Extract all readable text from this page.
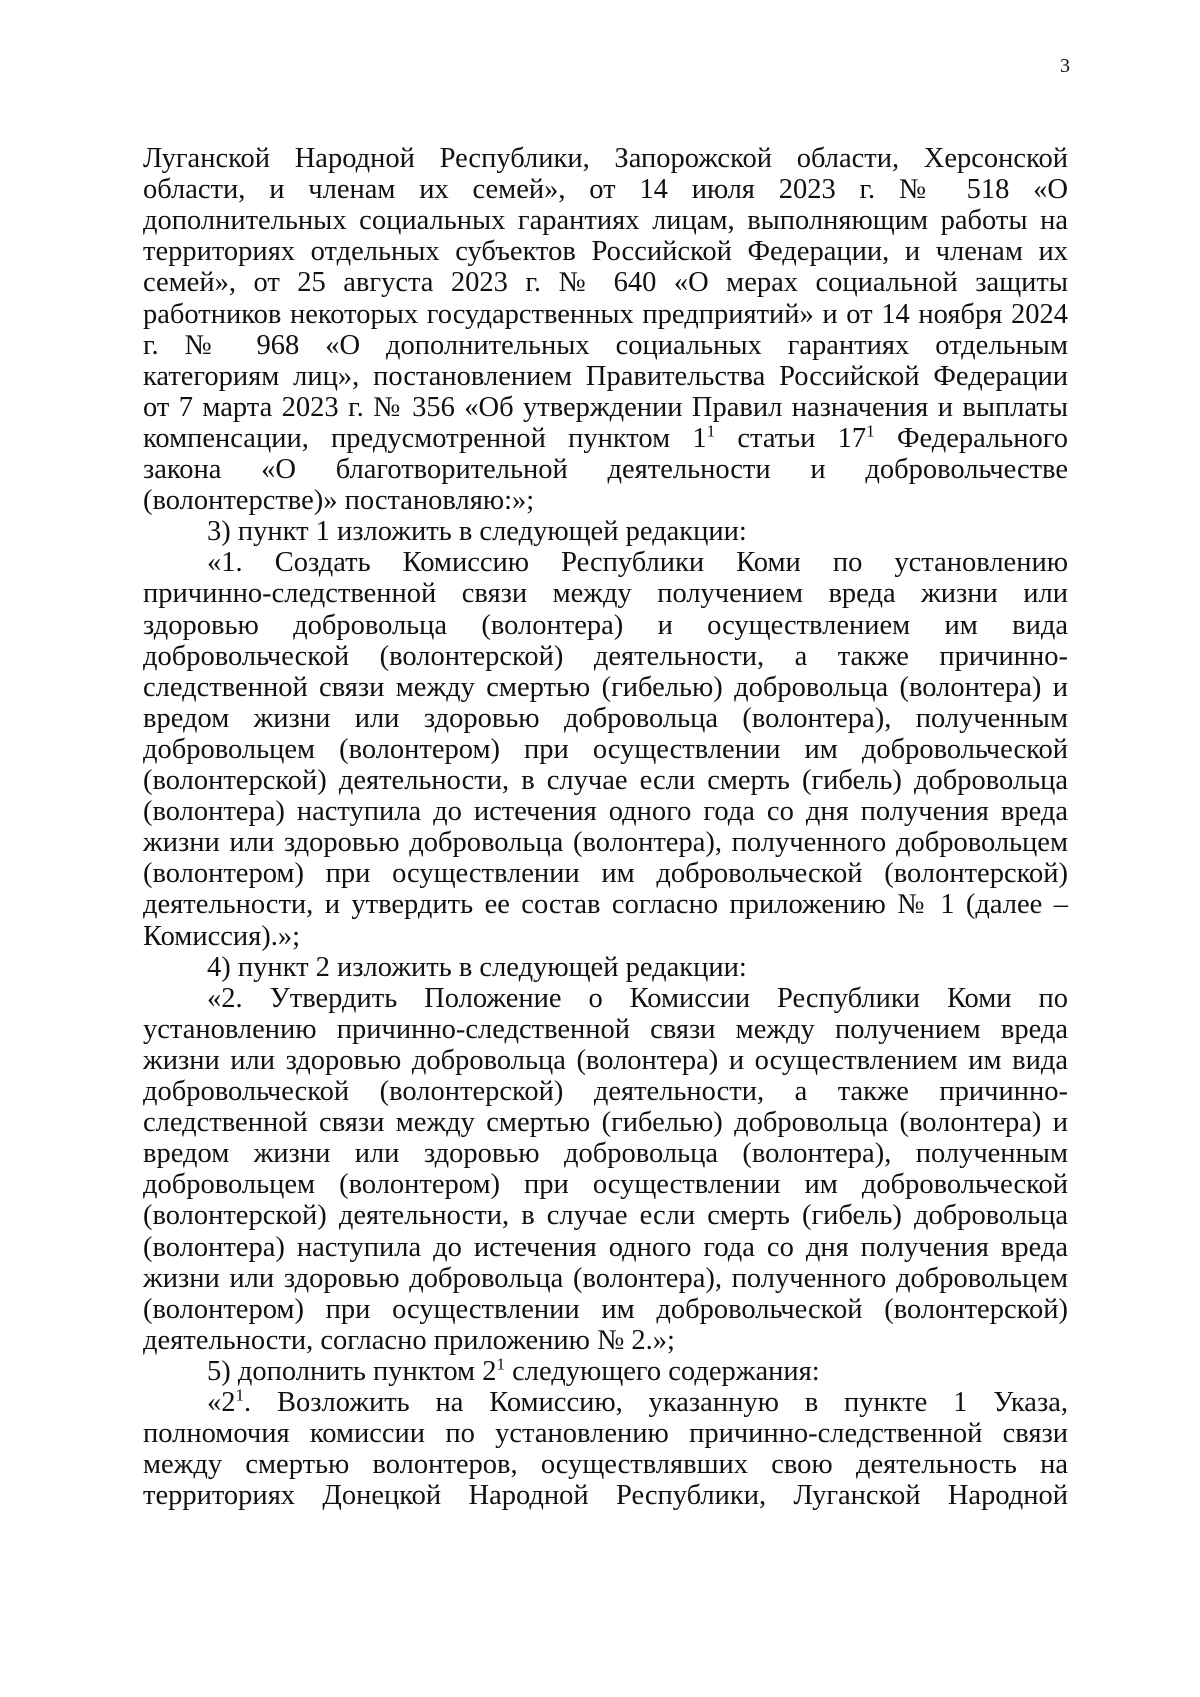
3
Луганской Народной Республики, Запорожской области, Херсонской
области, и членам их семей», от 14 июля 2023 г. № 518 «О
дополнительных социальных гарантиях лицам, выполняющим работы на
территориях отдельных субъектов Российской Федерации, и членам их
семей», от 25 августа 2023 г. № 640 «О мерах социальной защиты
работников некоторых государственных предприятий» и от 14 ноября 2024
г. № 968 «О дополнительных социальных гарантиях отдельным
категориям лиц», постановлением Правительства Российской Федерации
от 7 марта 2023 г. № 356 «Об утверждении Правил назначения и выплаты
компенсации, предусмотренной пунктом $1^1$ статьи $17^1$ Федерального
закона «О благотворительной деятельности и добровольчестве
(волонтерстве)» постановляю:»;
3) пункт 1 изложить в следующей редакции:
«1. Создать Комиссию Республики Коми по установлению
причинно-следственной связи между получением вреда жизни или
здоровью добровольца (волонтера) и осуществлением им вида
добровольческой (волонтерской) деятельности, а также причинно-
следственной связи между смертью (гибелью) добровольца (волонтера) и
вредом жизни или здоровью добровольца (волонтера), полученным
добровольцем (волонтером) при осуществлении им добровольческой
(волонтерской) деятельности, в случае если смерть (гибель) добровольца
(волонтера) наступила до истечения одного года со дня получения вреда
жизни или здоровью добровольца (волонтера), полученного добровольцем
(волонтером) при осуществлении им добровольческой (волонтерской)
деятельности, и утвердить ее состав согласно приложению № 1 (далее –
Комиссия).»;
4) пункт 2 изложить в следующей редакции:
«2. Утвердить Положение о Комиссии Республики Коми по
установлению причинно-следственной связи между получением вреда
жизни или здоровью добровольца (волонтера) и осуществлением им вида
добровольческой (волонтерской) деятельности, а также причинно-
следственной связи между смертью (гибелью) добровольца (волонтера) и
вредом жизни или здоровью добровольца (волонтера), полученным
добровольцем (волонтером) при осуществлении им добровольческой
(волонтерской) деятельности, в случае если смерть (гибель) добровольца
(волонтера) наступила до истечения одного года со дня получения вреда
жизни или здоровью добровольца (волонтера), полученного добровольцем
(волонтером) при осуществлении им добровольческой (волонтерской)
деятельности, согласно приложению № 2.»;
5) дополнить пунктом $2^1$ следующего содержания:
«$2^1$. Возложить на Комиссию, указанную в пункте 1 Указа,
полномочия комиссии по установлению причинно-следственной связи
между смертью волонтеров, осуществлявших свою деятельность на
территориях Донецкой Народной Республики, Луганской Народной
